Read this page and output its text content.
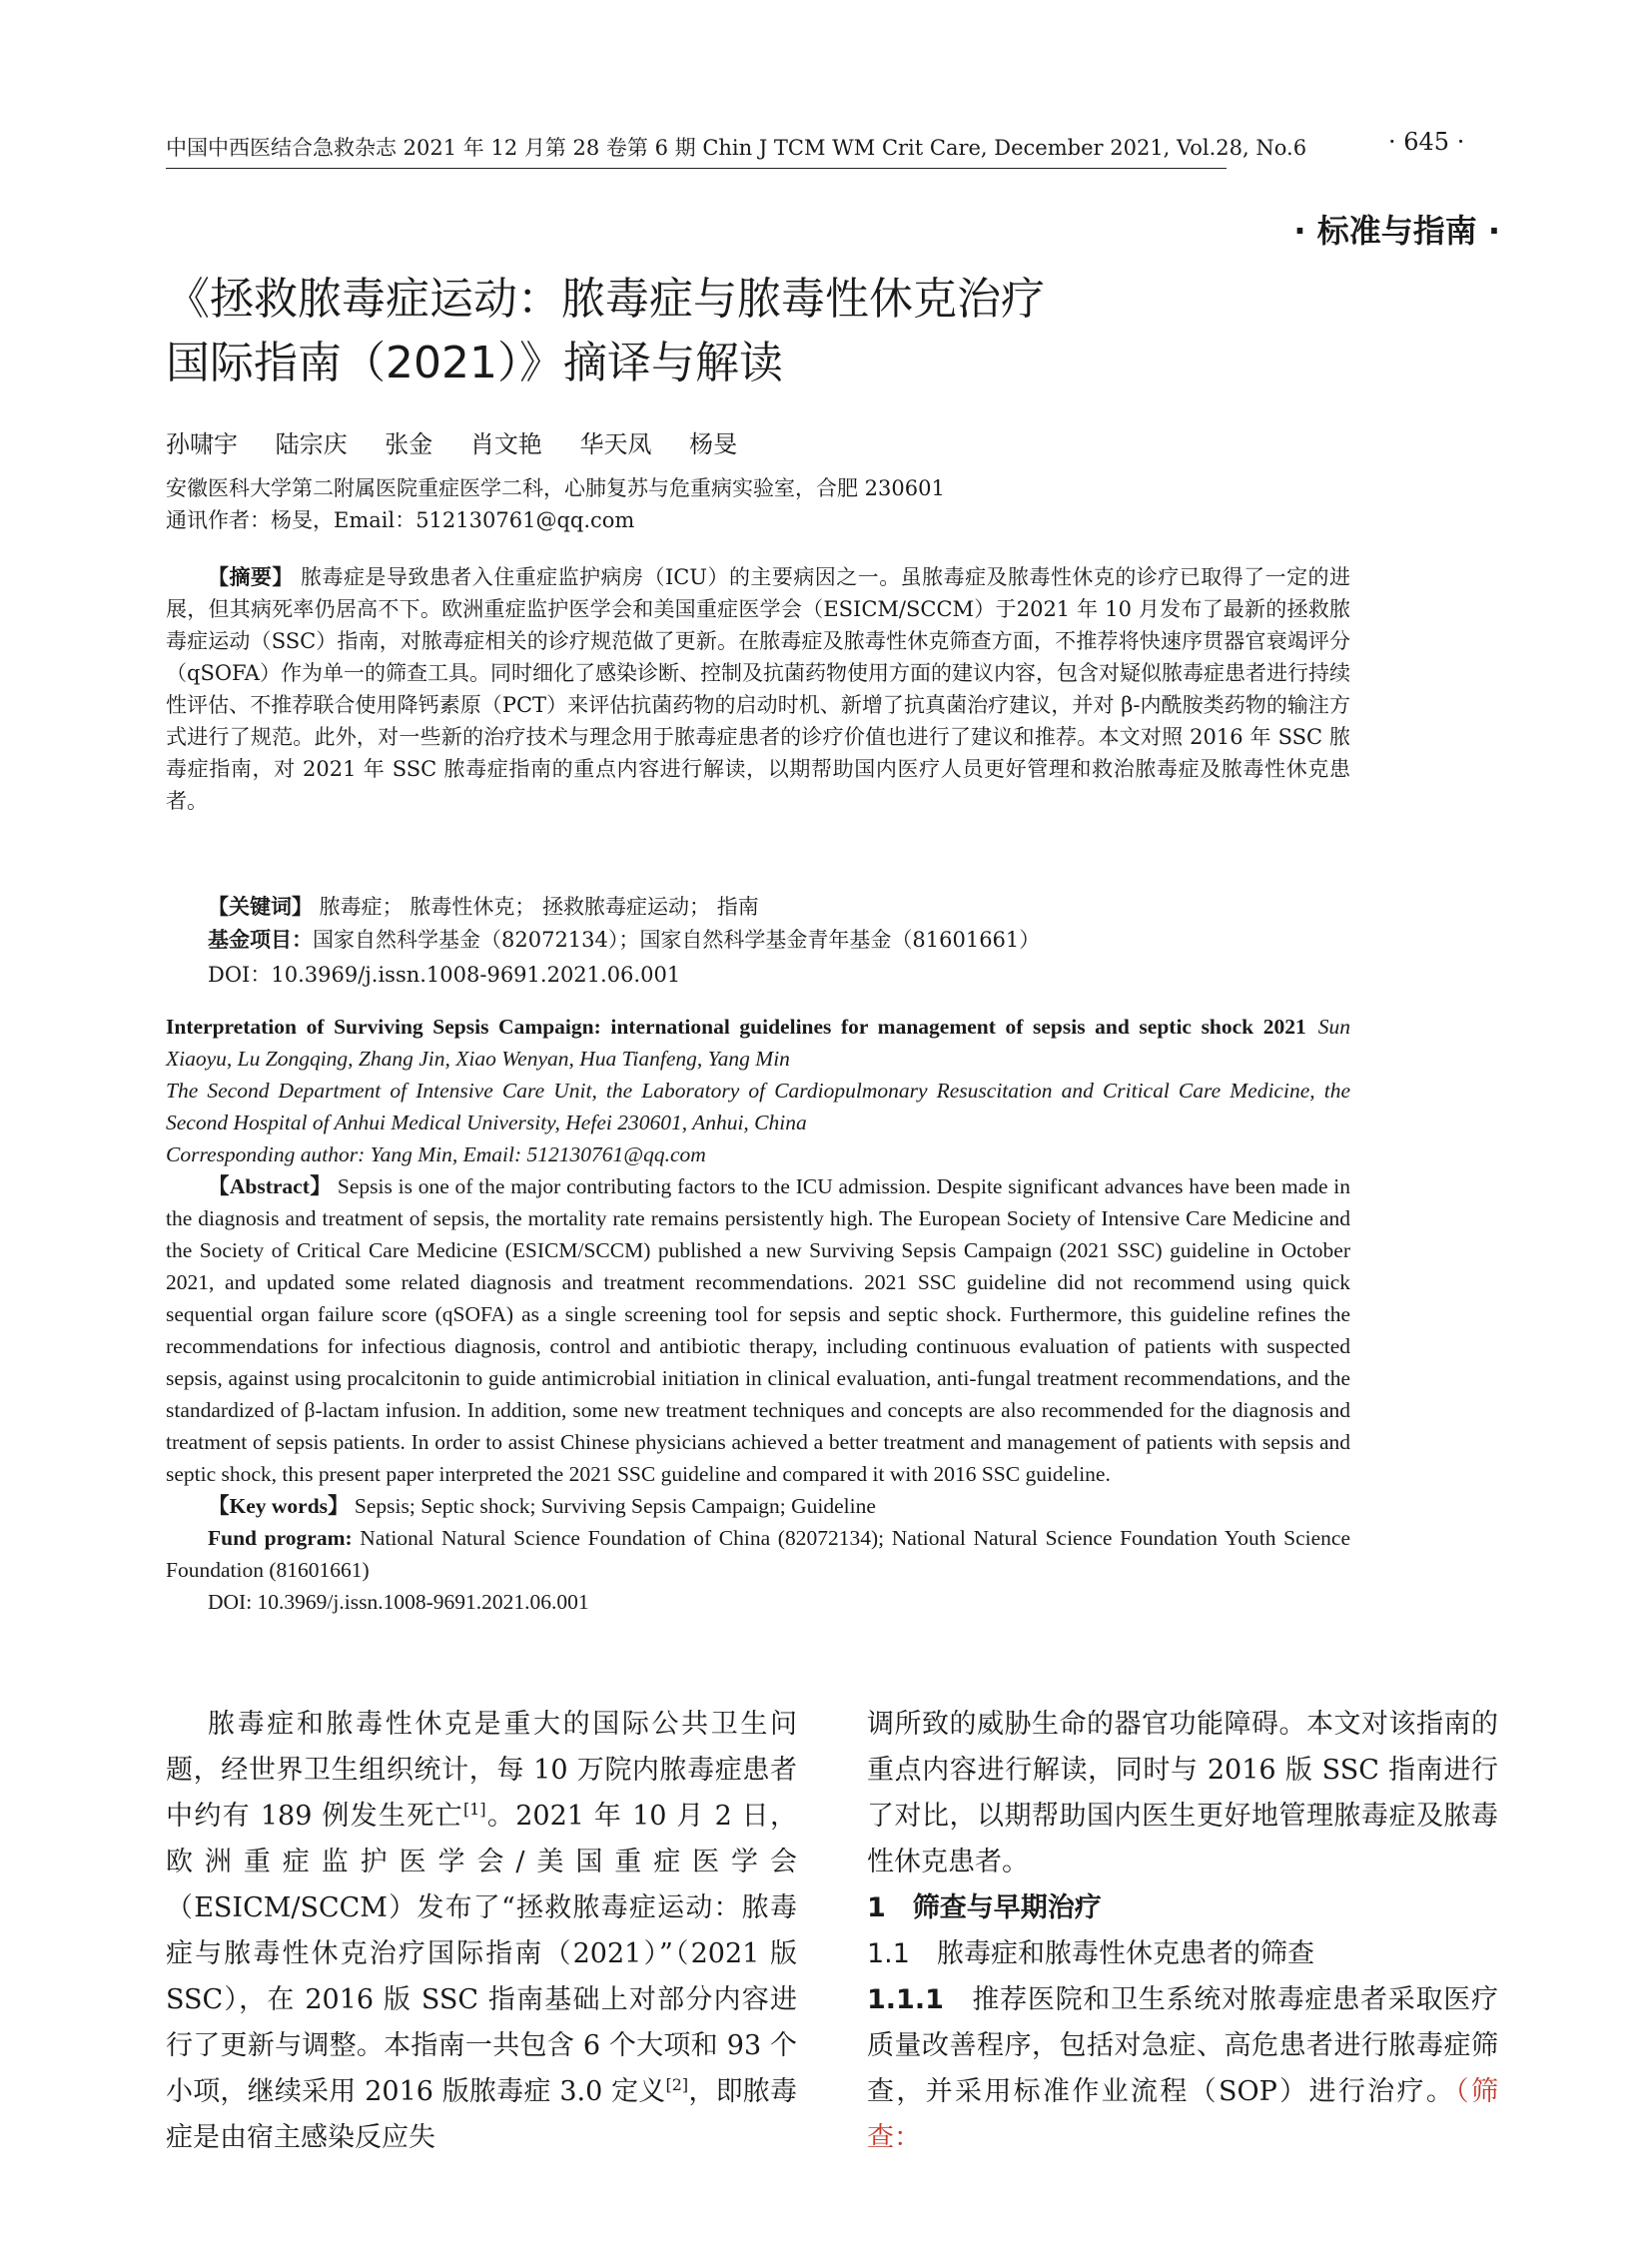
中国中西医结合急救杂志 2021 年 12 月第 28 卷第 6 期 Chin J TCM WM Crit Care, December 2021, Vol.28, No.6	· 645 ·
· 标准与指南 ·
《拯救脓毒症运动：脓毒症与脓毒性休克治疗
国际指南（2021）》摘译与解读
孙啸宇 陆宗庆 张金 肖文艳 华天凤 杨旻
安徽医科大学第二附属医院重症医学二科，心肺复苏与危重病实验室，合肥 230601
通讯作者：杨旻，Email：512130761@qq.com

【摘要】 脓毒症是导致患者入住重症监护病房（ICU）的主要病因之一。虽脓毒症及脓毒性休克的诊疗已取得了一定的进展，但其病死率仍居高不下。欧洲重症监护医学会和美国重症医学会（ESICM/SCCM）于2021 年 10 月发布了最新的拯救脓毒症运动（SSC）指南，对脓毒症相关的诊疗规范做了更新。在脓毒症及脓毒性休克筛查方面，不推荐将快速序贯器官衰竭评分（qSOFA）作为单一的筛查工具。同时细化了感染诊断、控制及抗菌药物使用方面的建议内容，包含对疑似脓毒症患者进行持续性评估、不推荐联合使用降钙素原（PCT）来评估抗菌药物的启动时机、新增了抗真菌治疗建议，并对 β-内酰胺类药物的输注方式进行了规范。此外，对一些新的治疗技术与理念用于脓毒症患者的诊疗价值也进行了建议和推荐。本文对照 2016 年 SSC 脓毒症指南，对 2021 年 SSC 脓毒症指南的重点内容进行解读，以期帮助国内医疗人员更好管理和救治脓毒症及脓毒性休克患者。

【关键词】 脓毒症； 脓毒性休克； 拯救脓毒症运动； 指南
基金项目：国家自然科学基金（82072134）；国家自然科学基金青年基金（81601661）
DOI：10.3969/j.issn.1008-9691.2021.06.001

Interpretation of Surviving Sepsis Campaign: international guidelines for management of sepsis and septic shock 2021 Sun Xiaoyu, Lu Zongqing, Zhang Jin, Xiao Wenyan, Hua Tianfeng, Yang Min

The Second Department of Intensive Care Unit, the Laboratory of Cardiopulmonary Resuscitation and Critical Care Medicine, the Second Hospital of Anhui Medical University, Hefei 230601, Anhui, China

Corresponding author: Yang Min, Email: 512130761@qq.com

【Abstract】 Sepsis is one of the major contributing factors to the ICU admission. Despite significant advances have been made in the diagnosis and treatment of sepsis, the mortality rate remains persistently high. The European Society of Intensive Care Medicine and the Society of Critical Care Medicine (ESICM/SCCM) published a new Surviving Sepsis Campaign (2021 SSC) guideline in October 2021, and updated some related diagnosis and treatment recommendations. 2021 SSC guideline did not recommend using quick sequential organ failure score (qSOFA) as a single screening tool for sepsis and septic shock. Furthermore, this guideline refines the recommendations for infectious diagnosis, control and antibiotic therapy, including continuous evaluation of patients with suspected sepsis, against using procalcitonin to guide antimicrobial initiation in clinical evaluation, anti-fungal treatment recommendations, and the standardized of β-lactam infusion. In addition, some new treatment techniques and concepts are also recommended for the diagnosis and treatment of sepsis patients. In order to assist Chinese physicians achieved a better treatment and management of patients with sepsis and septic shock, this present paper interpreted the 2021 SSC guideline and compared it with 2016 SSC guideline.

【Key words】 Sepsis; Septic shock; Surviving Sepsis Campaign; Guideline

Fund program: National Natural Science Foundation of China (82072134); National Natural Science Foundation Youth Science Foundation (81601661)

DOI: 10.3969/j.issn.1008-9691.2021.06.001

脓毒症和脓毒性休克是重大的国际公共卫生问题，经世界卫生组织统计，每 10 万院内脓毒症患者中约有 189 例发生死亡[1]。2021 年 10 月 2 日，欧洲重症监护医学会/美国重症医学会（ESICM/SCCM）发布了“拯救脓毒症运动：脓毒症与脓毒性休克治疗国际指南（2021）”（2021 版 SSC），在 2016 版 SSC 指南基础上对部分内容进行了更新与调整。本指南一共包含 6 个大项和 93 个小项，继续采用 2016 版脓毒症 3.0 定义[2]，即脓毒症是由宿主感染反应失

调所致的威胁生命的器官功能障碍。本文对该指南的重点内容进行解读，同时与 2016 版 SSC 指南进行了对比，以期帮助国内医生更好地管理脓毒症及脓毒性休克患者。

1　筛查与早期治疗

1.1　脓毒症和脓毒性休克患者的筛查

1.1.1　推荐医院和卫生系统对脓毒症患者采取医疗质量改善程序，包括对急症、高危患者进行脓毒症筛查，并采用标准作业流程（SOP）进行治疗。（筛查：
